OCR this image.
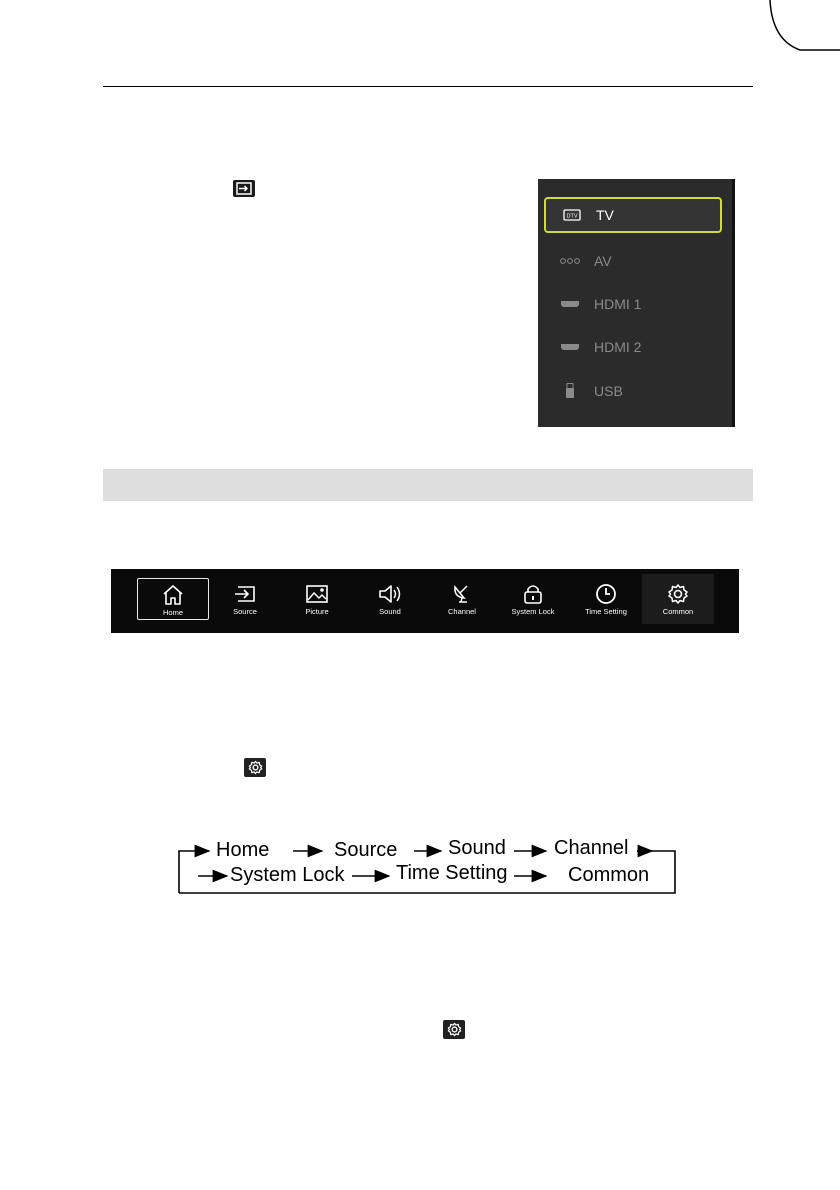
DTV TV
AV
HDMI 1
HDMI 2
USB
Home	Source	Picture	Sound	Channel	System Lock	Time Setting	Common
Home	Source	Sound Channel
System Lock	Time Setting	Common
